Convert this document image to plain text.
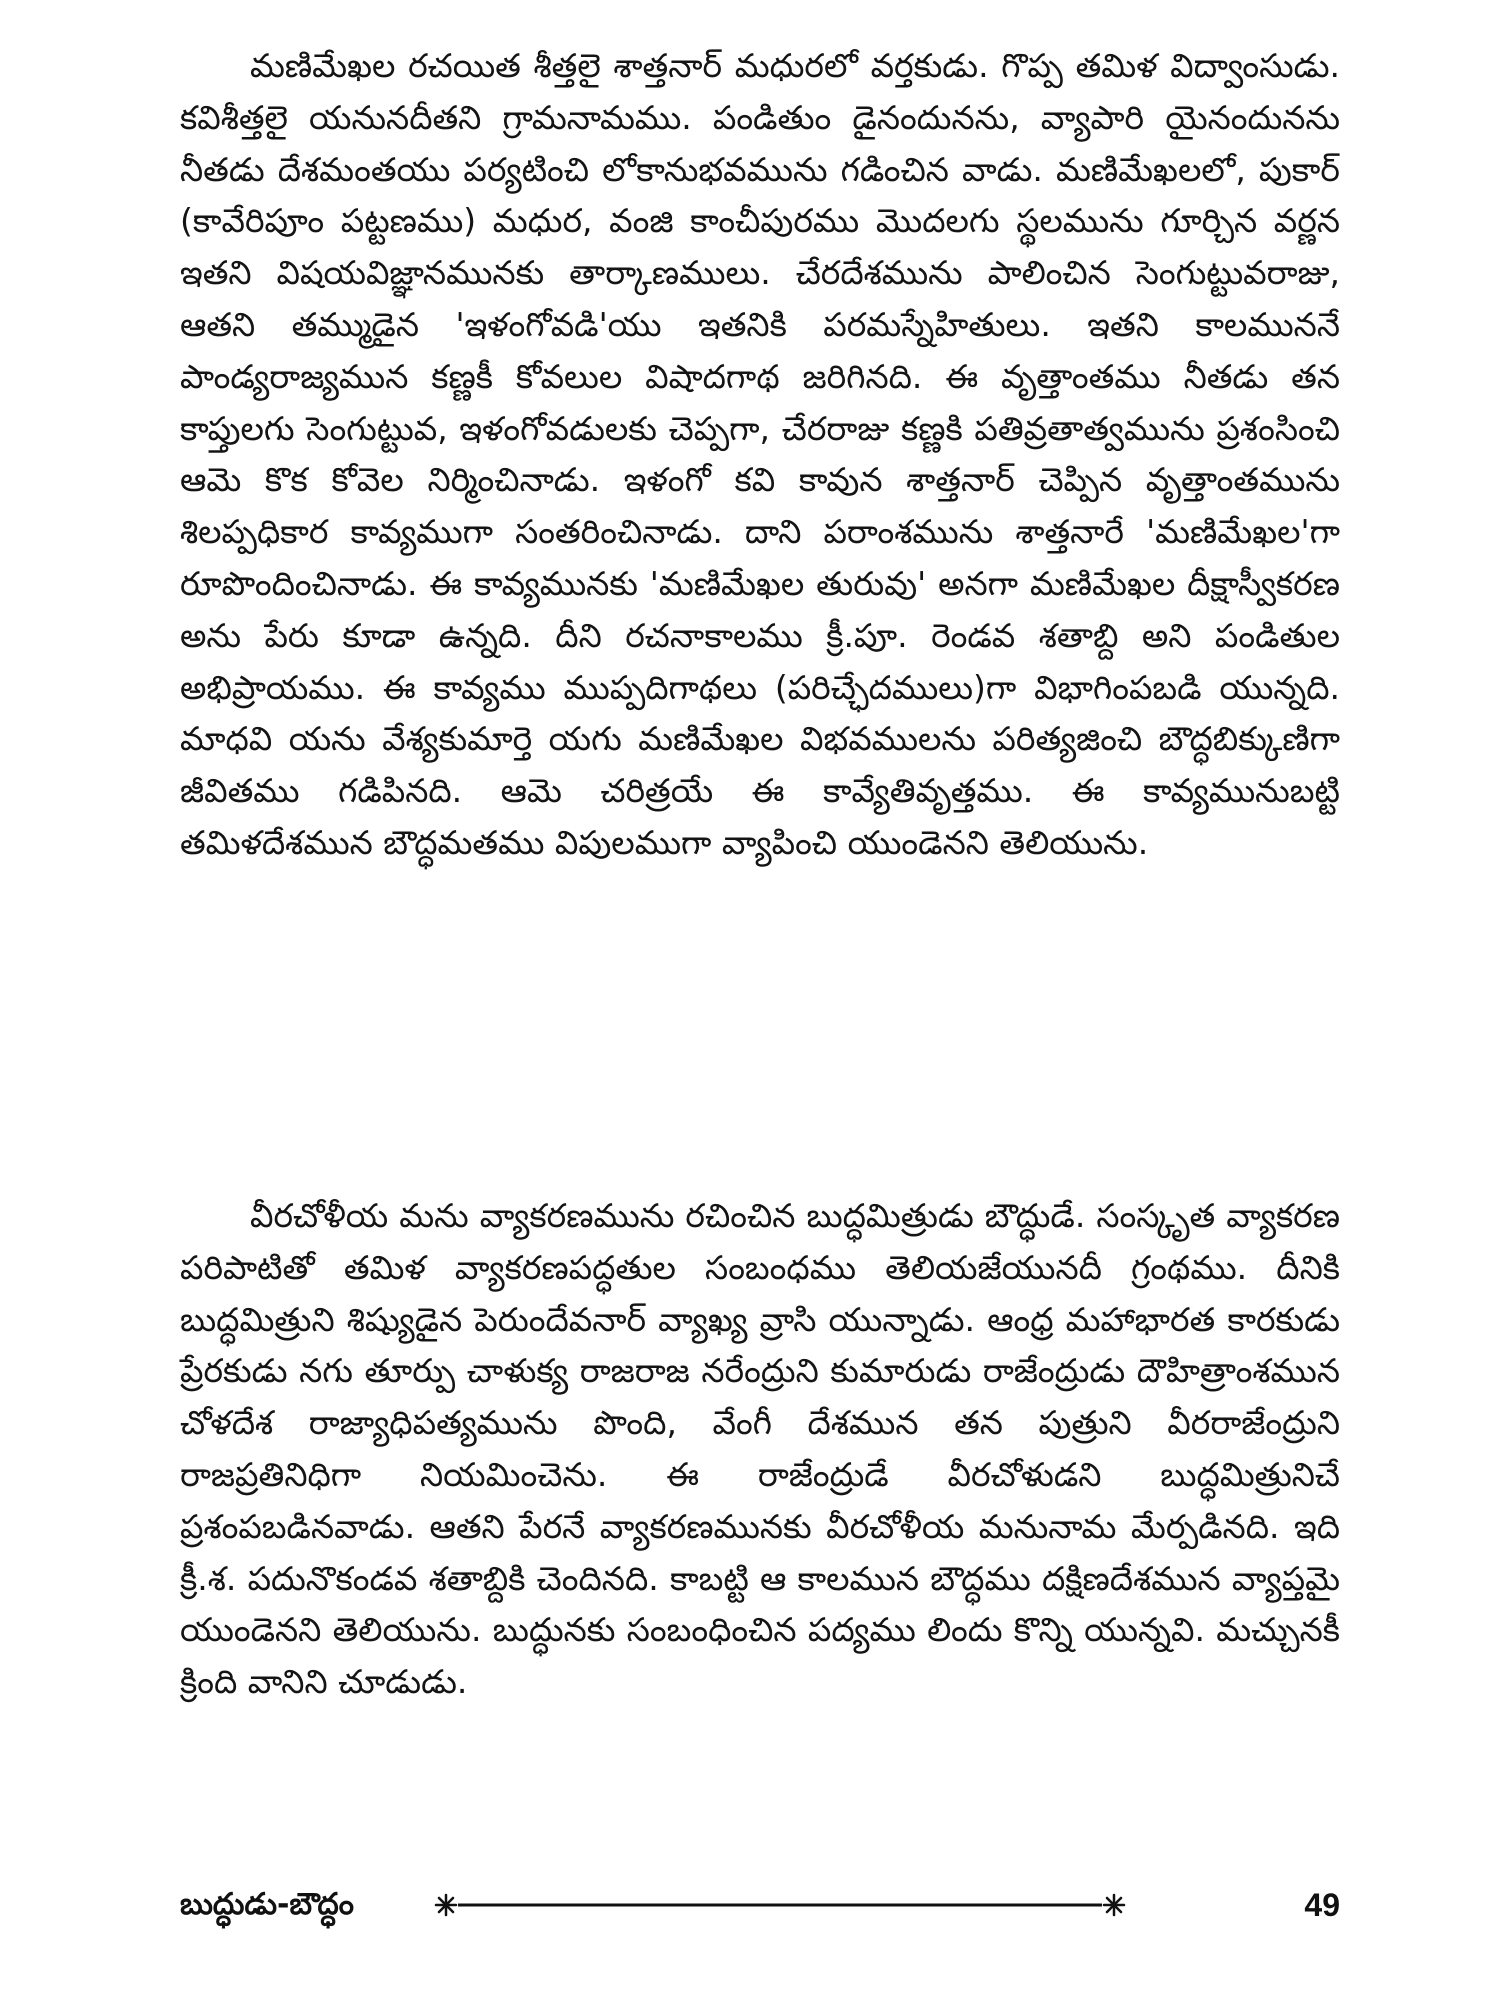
మణిమేఖల రచయిత శీత్తలై శాత్తనార్ మధురలో వర్తకుడు. గొప్ప తమిళ విద్వాంసుడు. కవిశీత్తలై యనునదీతని గ్రామనామము. పండితుం డైనందునను, వ్యాపారి యైనందునను నీతడు దేశమంతయు పర్యటించి లోకానుభవమును గడించిన వాడు. మణిమేఖలలో, పుకార్ (కావేరిపూం పట్టణము) మధుర, వంజి కాంచీపురము మొదలగు స్థలమును గూర్చిన వర్ణన ఇతని విషయవిజ్ఞానమునకు తార్కాణములు. చేరదేశమును పాలించిన సెంగుట్టువరాజు, ఆతని తమ్ముడైన 'ఇళంగోవడి'యు ఇతనికి పరమస్నేహితులు. ఇతని కాలముననే పాండ్యరాజ్యమున కణ్ణకీ కోవలుల విషాదగాథ జరిగినది. ఈ వృత్తాంతము నీతడు తన కాప్తులగు సెంగుట్టువ, ఇళంగోవడులకు చెప్పగా, చేరరాజు కణ్ణకి పతివ్రతాత్వమును ప్రశంసించి ఆమె కొక కోవెల నిర్మించినాడు. ఇళంగో కవి కావున శాత్తనార్ చెప్పిన వృత్తాంతమును శిలప్పధికార కావ్యముగా సంతరించినాడు. దాని పరాంశమును శాత్తనారే 'మణిమేఖల'గా రూపొందించినాడు. ఈ కావ్యమునకు 'మణిమేఖల తురువు' అనగా మణిమేఖల దీక్షాస్వీకరణ అను పేరు కూడా ఉన్నది. దీని రచనాకాలము క్రీ.పూ. రెండవ శతాబ్ది అని పండితుల అభిప్రాయము. ఈ కావ్యము ముప్పదిగాథలు (పరిచ్ఛేదములు)గా విభాగింపబడి యున్నది. మాధవి యను వేశ్యకుమార్తె యగు మణిమేఖల విభవములను పరిత్యజించి బౌద్ధబిక్కుణిగా జీవితము గడిపినది. ఆమె చరిత్రయే ఈ కావ్యేతివృత్తము. ఈ కావ్యమునుబట్టి తమిళదేశమున బౌద్ధమతము విపులముగా వ్యాపించి యుండెనని తెలియును.

వీరచోళీయ మను వ్యాకరణమును రచించిన బుద్ధమిత్రుడు బౌద్ధుడే. సంస్కృత వ్యాకరణ పరిపాటితో తమిళ వ్యాకరణపద్ధతుల సంబంధము తెలియజేయునదీ గ్రంథము. దీనికి బుద్ధమిత్రుని శిష్యుడైన పెరుందేవనార్ వ్యాఖ్య వ్రాసి యున్నాడు. ఆంధ్ర మహాభారత కారకుడు ప్రేరకుడు నగు తూర్పు చాళుక్య రాజరాజ నరేంద్రుని కుమారుడు రాజేంద్రుడు దౌహిత్రాంశమున చోళదేశ రాజ్యాధిపత్యమును పొంది, వేంగీ దేశమున తన పుత్రుని వీరరాజేంద్రుని రాజప్రతినిధిగా నియమించెను. ఈ రాజేంద్రుడే వీరచోళుడని బుద్ధమిత్రునిచే ప్రశంపబడినవాడు. ఆతని పేరనే వ్యాకరణమునకు వీరచోళీయ మనునామ మేర్పడినది. ఇది క్రీ.శ. పదునొకండవ శతాబ్దికి చెందినది. కాబట్టి ఆ కాలమున బౌద్ధము దక్షిణదేశమున వ్యాప్తమై యుండెనని తెలియును. బుద్ధునకు సంబంధించిన పద్యము లిందు కొన్ని యున్నవి. మచ్చునకీ క్రింది వానిని చూడుడు.

బుద్ధుడు-బౌద్ధం	49
